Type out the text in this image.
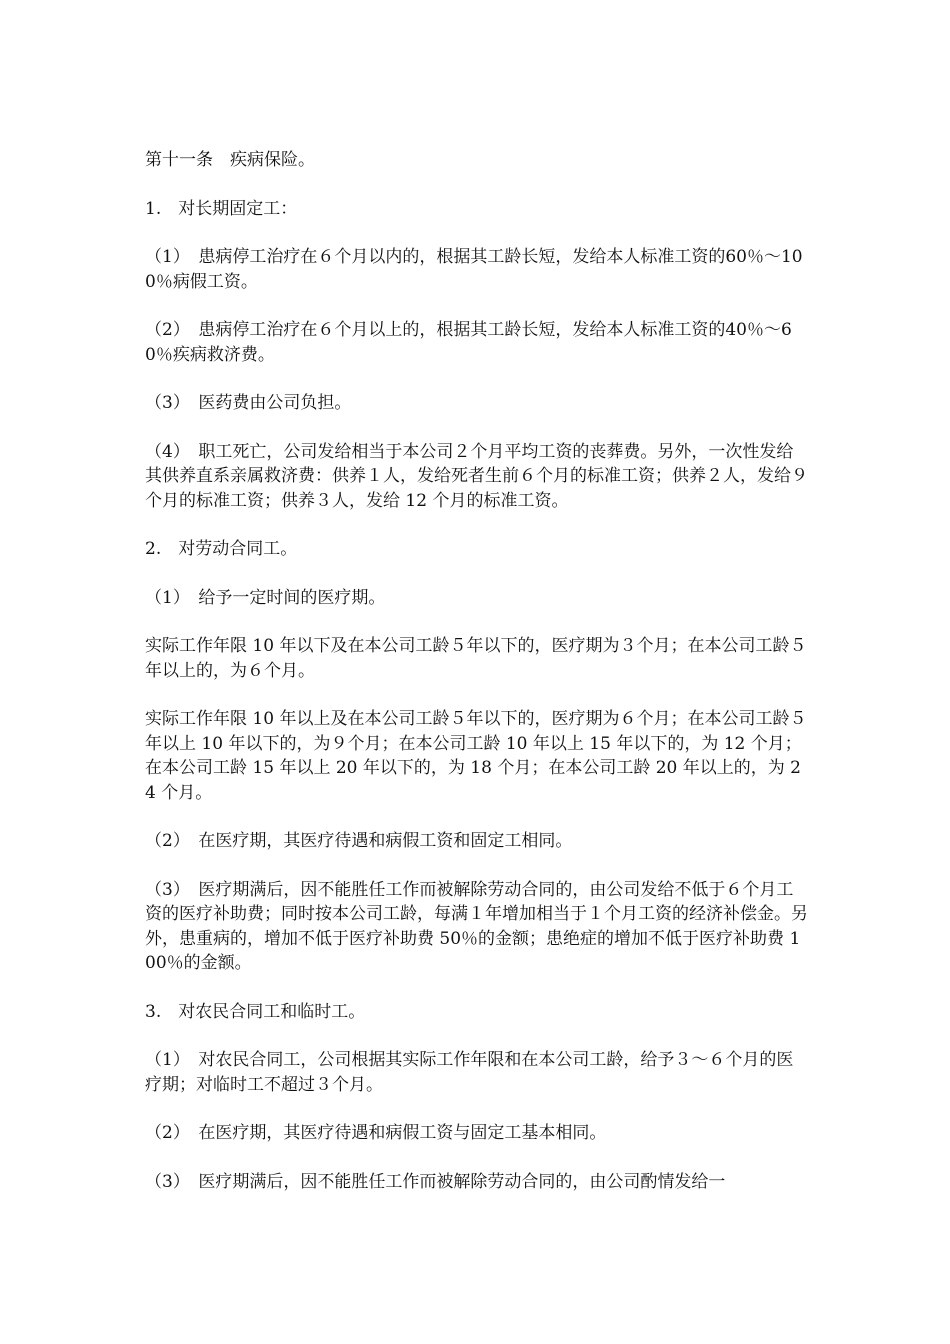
第十一条　疾病保险。

1.　对长期固定工：

（1）　患病停工治疗在６个月以内的，根据其工龄长短，发给本人标准工资的60％～100％病假工资。

（2）　患病停工治疗在６个月以上的，根据其工龄长短，发给本人标准工资的40％～60％疾病救济费。

（3）　医药费由公司负担。

（4）　职工死亡，公司发给相当于本公司２个月平均工资的丧葬费。另外，一次性发给其供养直系亲属救济费：供养１人，发给死者生前６个月的标准工资；供养２人，发给９个月的标准工资；供养３人，发给 12 个月的标准工资。

2.　对劳动合同工。

（1）　给予一定时间的医疗期。

实际工作年限 10 年以下及在本公司工龄５年以下的，医疗期为３个月；在本公司工龄５年以上的，为６个月。

实际工作年限 10 年以上及在本公司工龄５年以下的，医疗期为６个月；在本公司工龄５年以上 10 年以下的，为９个月；在本公司工龄 10 年以上 15 年以下的，为 12 个月；在本公司工龄 15 年以上 20 年以下的，为 18 个月；在本公司工龄 20 年以上的，为 24 个月。

（2）　在医疗期，其医疗待遇和病假工资和固定工相同。

（3）　医疗期满后，因不能胜任工作而被解除劳动合同的，由公司发给不低于６个月工资的医疗补助费；同时按本公司工龄，每满１年增加相当于１个月工资的经济补偿金。另外，患重病的，增加不低于医疗补助费 50％的金额；患绝症的增加不低于医疗补助费 100％的金额。

3.　对农民合同工和临时工。

（1）　对农民合同工，公司根据其实际工作年限和在本公司工龄，给予３～６个月的医疗期；对临时工不超过３个月。

（2）　在医疗期，其医疗待遇和病假工资与固定工基本相同。

（3）　医疗期满后，因不能胜任工作而被解除劳动合同的，由公司酌情发给一
